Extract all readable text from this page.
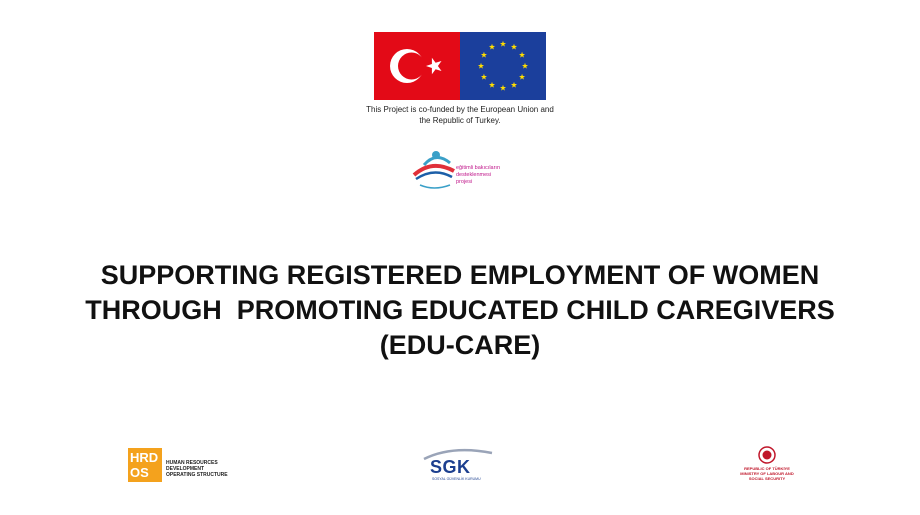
This Project is co-funded by the European Union and
the Republic of Turkey.
eğitimli bakıcıların
desteklenmesi
projesi
SUPPORTING REGISTERED EMPLOYMENT OF WOMEN
THROUGH  PROMOTING EDUCATED CHILD CAREGIVERS
(EDU-CARE)
HRD
OS
HUMAN RESOURCES
DEVELOPMENT
OPERATING STRUCTURE	SGK
SOSYAL GÜVENLİK KURUMU
REPUBLIC OF TÜRKİYE
MINISTRY OF LABOUR AND
SOCIAL SECURITY
